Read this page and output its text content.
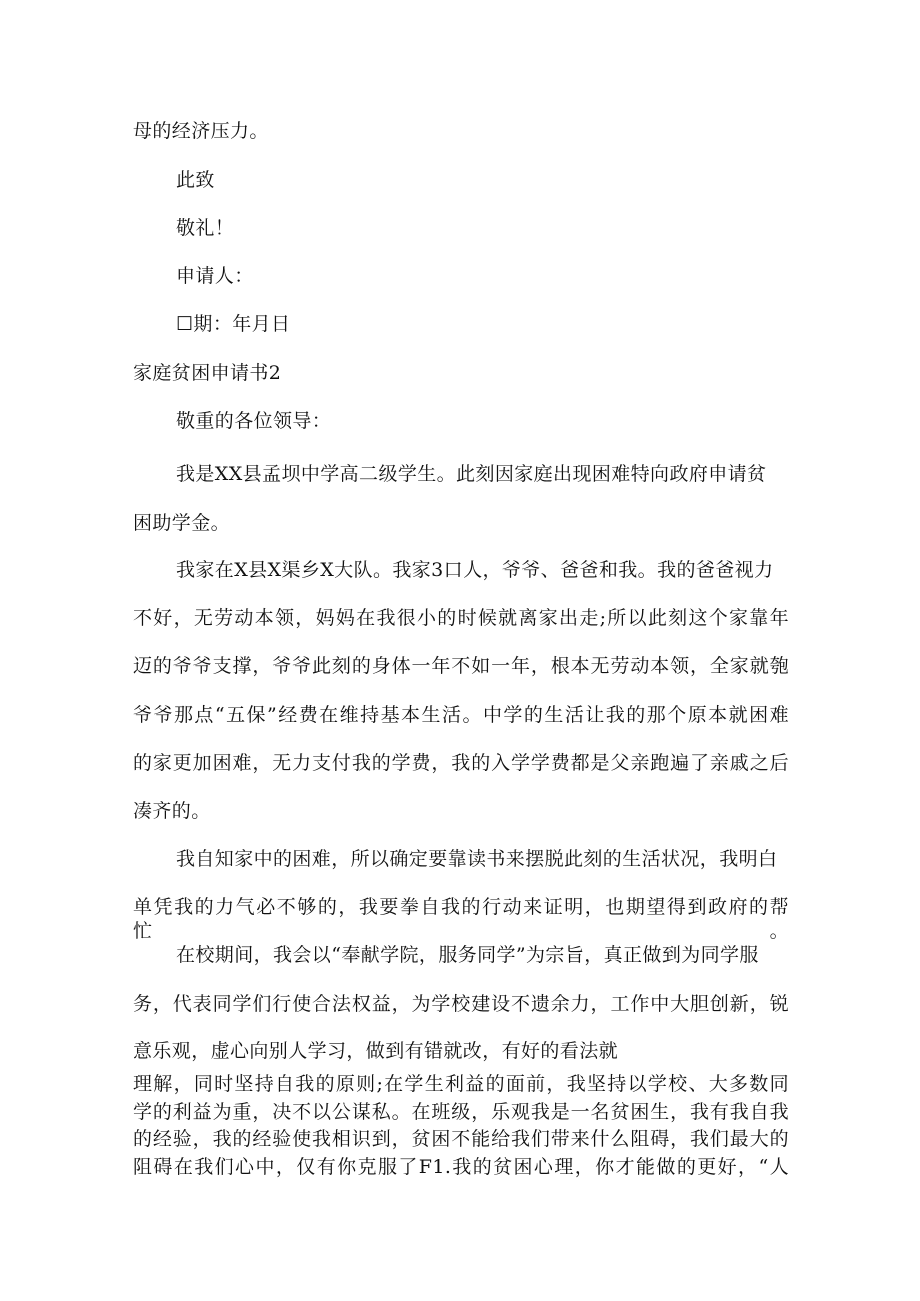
母的经济压力。
此致
敬礼！
申请人：
☐期：年月日
家庭贫困申请书2
敬重的各位领导：
我是XX县孟坝中学高二级学生。此刻因家庭出现困难特向政府申请贫
困助学金。
我家在X县X渠乡X大队。我家3口人，爷爷、爸爸和我。我的爸爸视力
不好，无劳动本领，妈妈在我很小的时候就离家出走;所以此刻这个家靠年
迈的爷爷支撑，爷爷此刻的身体一年不如一年，根本无劳动本领，全家就匏
爷爷那点“五保”经费在维持基本生活。中学的生活让我的那个原本就困难
的家更加困难，无力支付我的学费，我的入学学费都是父亲跑遍了亲戚之后
凑齐的。
我自知家中的困难，所以确定要靠读书来摆脱此刻的生活状况，我明白
单凭我的力气必不够的，我要拳自我的行动来证明，也期望得到政府的帮忙。
在校期间，我会以“奉献学院，服务同学”为宗旨，真正做到为同学服
务，代表同学们行使合法权益，为学校建设不遗余力，工作中大胆创新，锐
意乐观，虚心向别人学习，做到有错就改，有好的看法就
理解，同时坚持自我的原则;在学生利益的面前，我坚持以学校、大多数同
学的利益为重，决不以公谋私。在班级，乐观我是一名贫困生，我有我自我
的经验，我的经验使我相识到，贫困不能给我们带来什么阻碍，我们最大的
阻碍在我们心中，仅有你克服了F1.我的贫困心理，你才能做的更好，“人
